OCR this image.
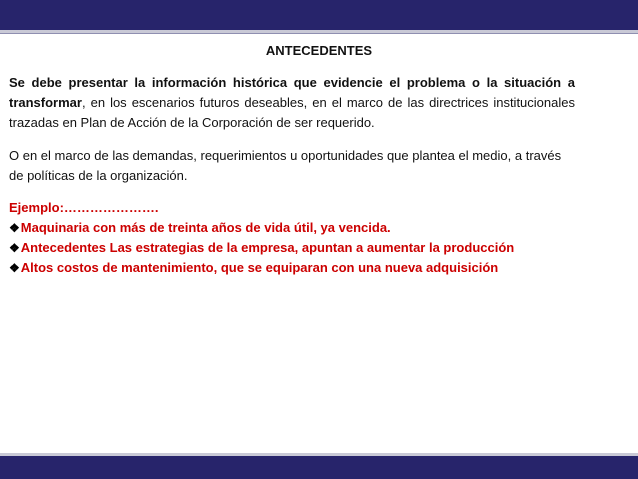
ANTECEDENTES
Se debe presentar la información histórica que evidencie el problema o la situación a transformar, en los escenarios futuros deseables, en el marco de las directrices institucionales trazadas en Plan de Acción de la Corporación de ser requerido.
O en el marco de las demandas, requerimientos u oportunidades que plantea el medio, a través de políticas de la organización.
Ejemplo:………………….
❖Maquinaria con más de treinta años de vida útil, ya vencida.
❖Antecedentes Las estrategias de la empresa, apuntan a aumentar la producción
❖Altos costos de mantenimiento, que se equiparan con una nueva adquisición
